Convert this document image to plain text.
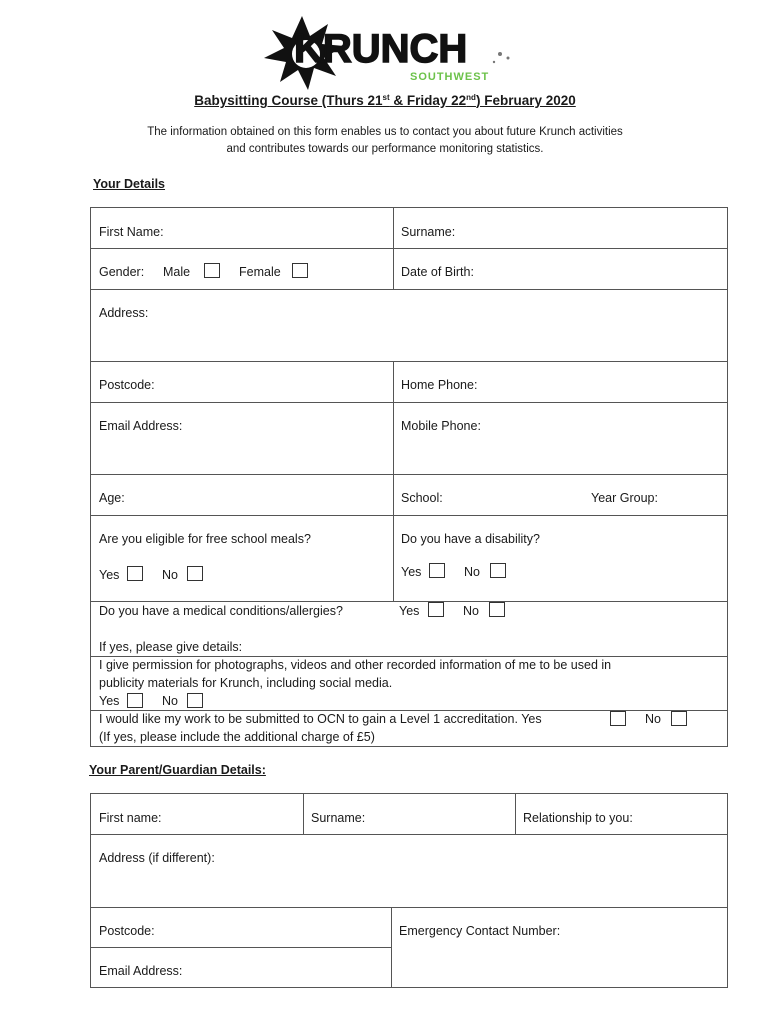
KRUNCH
SOUTHWEST
Babysitting Course (Thurs 21st & Friday 22nd) February 2020
The information obtained on this form enables us to contact you about future Krunch activities
and contributes towards our performance monitoring statistics.
Your Details
First Name:	Surname:
Gender: Male	Female	Date of Birth:
Address:
Postcode:	Home Phone:
Email Address:	Mobile Phone:
Age:	School:	Year Group:
Are you eligible for free school meals?
Yes	No
Do you have a disability?
Yes	No
Do you have a medical conditions/allergies?	Yes	No
If yes, please give details:
I give permission for photographs, videos and other recorded information of me to be used in
publicity materials for Krunch, including social media.
Yes	No
I would like my work to be submitted to OCN to gain a Level 1 accreditation. Yes	No
(If yes, please include the additional charge of £5)
Your Parent/Guardian Details:
First name:	Surname:	Relationship to you:
Address (if different):
Postcode:	Emergency Contact Number:
Email Address:
